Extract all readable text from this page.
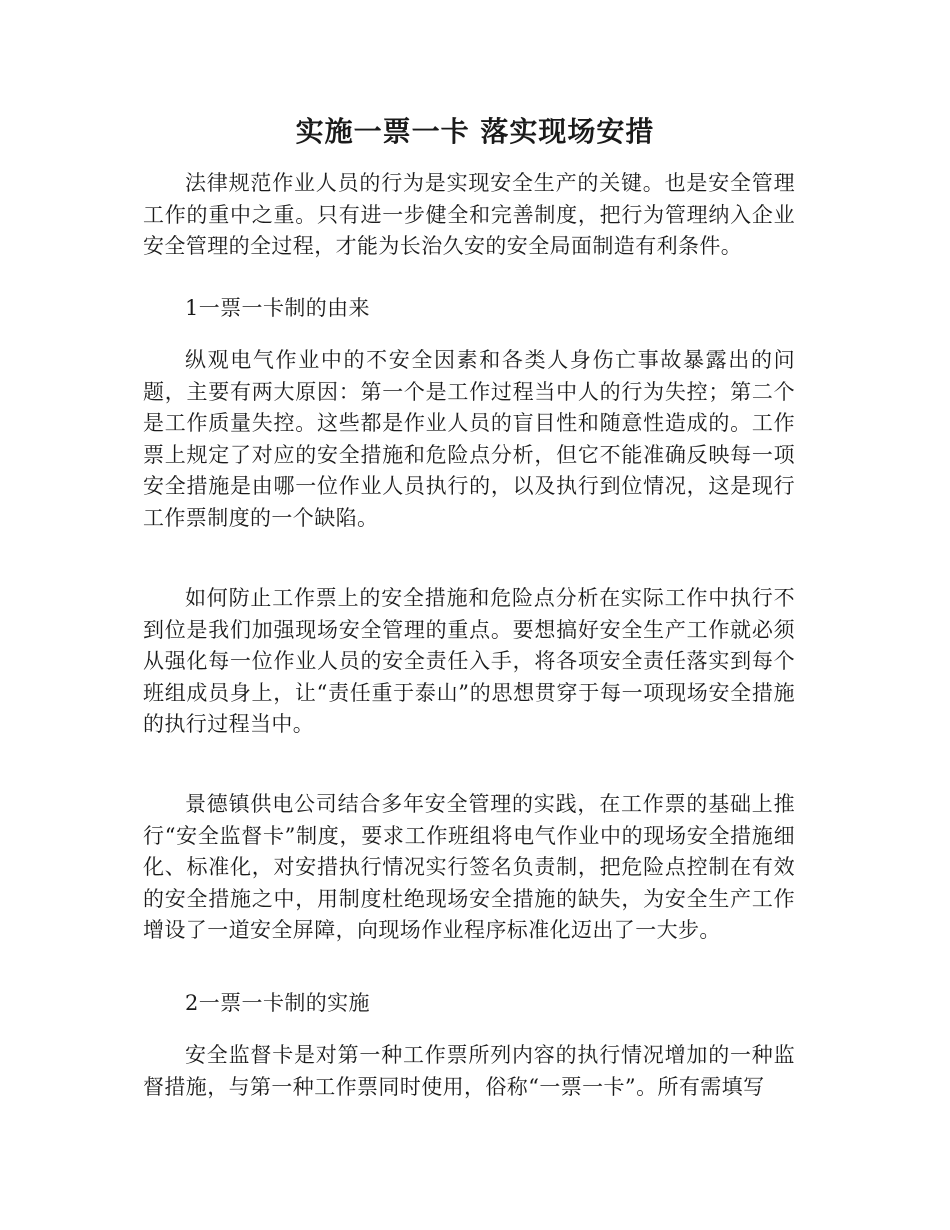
实施一票一卡 落实现场安措

法律规范作业人员的行为是实现安全生产的关键。也是安全管理工作的重中之重。只有进一步健全和完善制度，把行为管理纳入企业安全管理的全过程，才能为长治久安的安全局面制造有利条件。

1一票一卡制的由来

纵观电气作业中的不安全因素和各类人身伤亡事故暴露出的问题，主要有两大原因：第一个是工作过程当中人的行为失控；第二个是工作质量失控。这些都是作业人员的盲目性和随意性造成的。工作票上规定了对应的安全措施和危险点分析，但它不能准确反映每一项安全措施是由哪一位作业人员执行的，以及执行到位情况，这是现行工作票制度的一个缺陷。

如何防止工作票上的安全措施和危险点分析在实际工作中执行不到位是我们加强现场安全管理的重点。要想搞好安全生产工作就必须从强化每一位作业人员的安全责任入手，将各项安全责任落实到每个班组成员身上，让“责任重于泰山”的思想贯穿于每一项现场安全措施的执行过程当中。

景德镇供电公司结合多年安全管理的实践，在工作票的基础上推行“安全监督卡”制度，要求工作班组将电气作业中的现场安全措施细化、标准化，对安措执行情况实行签名负责制，把危险点控制在有效的安全措施之中，用制度杜绝现场安全措施的缺失，为安全生产工作增设了一道安全屏障，向现场作业程序标准化迈出了一大步。

2一票一卡制的实施

安全监督卡是对第一种工作票所列内容的执行情况增加的一种监督措施，与第一种工作票同时使用，俗称“一票一卡”。所有需填写
